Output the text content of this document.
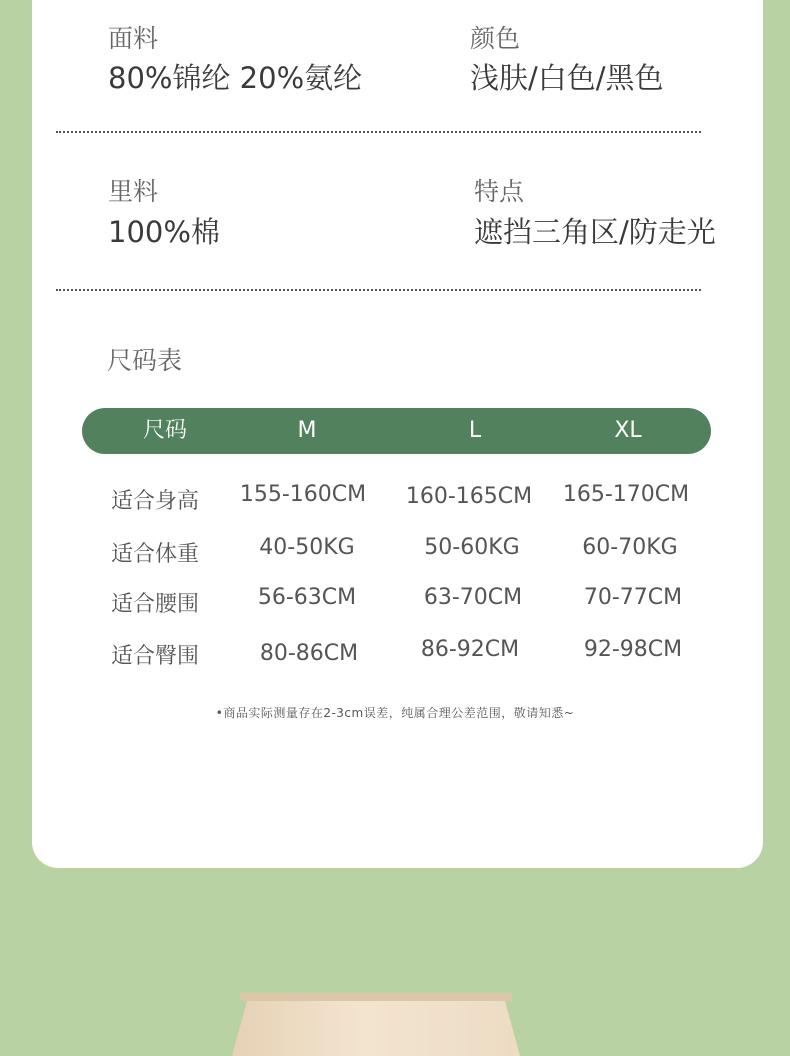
面料
80%锦纶 20%氨纶
颜色
浅肤/白色/黑色
里料
100%棉
特点
遮挡三角区/防走光
尺码表
尺码	M	L	XL
适合身高	155-160CM	160-165CM	165-170CM
适合体重	40-50KG	50-60KG	60-70KG
适合腰围	56-63CM	63-70CM	70-77CM
适合臀围	80-86CM	86-92CM	92-98CM
•商品实际测量存在2-3cm误差，纯属合理公差范围，敬请知悉~
